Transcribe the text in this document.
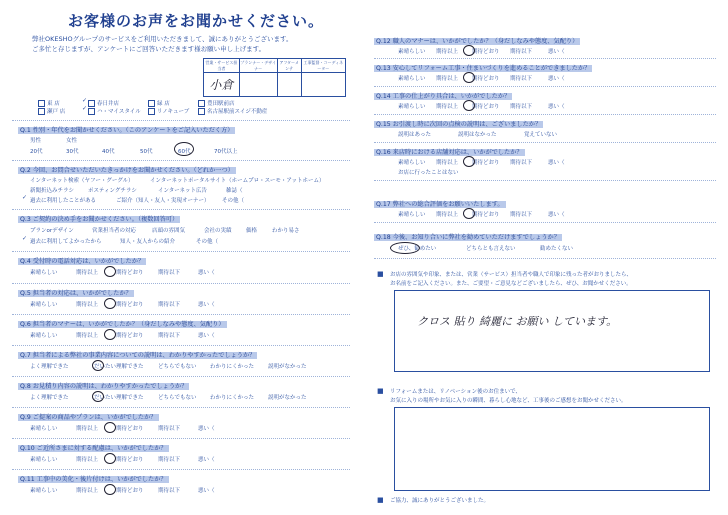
お客様のお声をお聞かせください。
弊社OKESHOグループのサービスをご利用いただきまして、誠にありがとうございます。
ご多忙と存じますが、アンケートにご回答いただきます様お願い申し上げます。
営業・サービス担当者	プランナー・デザイナー	アフターメンテ	工事監督・コーディネーター
小倉			
東 店	春日井店	緑 店	豊田駅前店
瀬戸 店	ハ・マイスタイル	リノキューブ	名古屋駅前スイジ不動産
✓
✓
Q.1 性別・年代をお聞かせください。（このアンケートをご記入いただく方）
男性	女性
20代	30代	40代	50代	60代	70代以上
Q.2 今回、お問合せいただいたきっかけをお聞かせください。（どれか一つ）
インターネット検索（ヤフー・グーグル）	インターネットポータルサイト（ホームプロ・スーモ・アットホーム）
新聞折込みチラシ	ポスティングチラシ	インターネット広告	雑誌（
過去に利用したことがある	ご紹介（知人・友人・実現オーナー） その他（
✓
Q.3 ご契約の決め手をお聞かせください。（複数回答可）
プランorデザイン	営業担当者の対応	店頭の雰囲気	会社の実績	価格	わかり易さ
過去に利用してよかったから	知人・友人からの紹介	その他（
✓
Q.4 受付時の電話対応は、いかがでしたか？
素晴らしい	期待以上	期待どおり	期待以下	悪い（
Q.5 担当者の対応は、いかがでしたか？
素晴らしい	期待以上	期待どおり	期待以下	悪い（
Q.6 担当者のマナーは、いかがでしたか？（身だしなみや態度、気配り）
素晴らしい	期待以上	期待どおり	期待以下	悪い（
Q.7 担当者による弊社の事業内容についての説明は、わかりやすかったでしょうか？
よく理解できた	だいたい理解できた	どちらでもない わかりにくかった	説明がなかった
Q.8 お見積り内容の説明は、わかりやすかったでしょうか？
よく理解できた	だいたい理解できた	どちらでもない わかりにくかった	説明がなかった
Q.9 ご提案の商品やプランは、いかがでしたか？
素晴らしい	期待以上	期待どおり	期待以下	悪い（
Q.10 ご近所さまに対する配慮は、いかがでしたか？
素晴らしい	期待以上	期待どおり	期待以下	悪い（
Q.11 工事中の美化・後片付けは、いかがでしたか？
素晴らしい	期待以上	期待どおり	期待以下	悪い（
Q.12 職人のマナーは、いかがでしたか？（身だしなみや態度、気配り）
素晴らしい 期待以上	期待どおり 期待以下	悪い（
Q.13 安心してリフォーム工事・住まいづくりを進めることができましたか？
素晴らしい 期待以上	期待どおり 期待以下	悪い（
Q.14 工事の仕上がり具合は、いかがでしたか？
素晴らしい 期待以上	期待どおり 期待以下	悪い（
Q.15 お引渡し時に次回の点検の説明は、ございましたか？
説明はあった	説明はなかった	覚えていない
Q.16 来店時における店舗対応は、いかがでしたか？
素晴らしい 期待以上	期待どおり 期待以下	悪い（
お店に行ったことはない
Q.17 弊社への総合評価をお願いいたします。
素晴らしい 期待以上	期待どおり 期待以下	悪い（
Q.18 今後、お知り合いに弊社を勧めていただけますでしょうか？
ぜひ、勧めたい	どちらとも言えない	勧めたくない
■ お店の雰囲気や印象、または、営業（サービス）担当者や職人で印象に残った者がおりましたら、
お名前をご記入ください。また、ご要望・ご意見などございましたら、ぜひ、お聞かせください。
クロス 貼り 綺麗に お願い しています。
■ リフォームまたは、リノベーション後のお住まいで、
お気に入りの場所やお気に入りの瞬間、暮らし心地など、工事後のご感想をお聞かせください。
■ ご協力、誠にありがとうございました。
